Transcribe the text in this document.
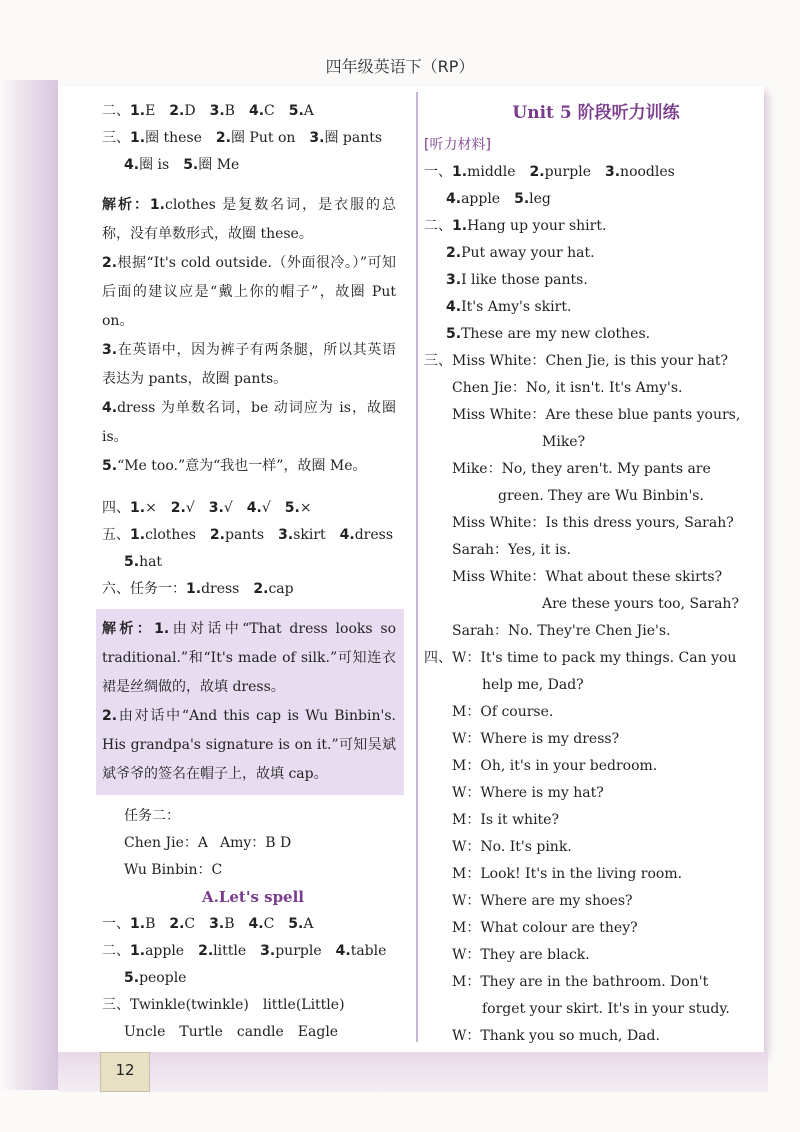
四年级英语下（RP）
12
二、1.E 2.D 3.B 4.C 5.A
三、1.圈 these 2.圈 Put on 3.圈 pants
4.圈 is 5.圈 Me

解析：1.clothes 是复数名词，是衣服的总称，没有单数形式，故圈 these。

2.根据“It's cold outside.（外面很冷。）”可知后面的建议应是“戴上你的帽子”，故圈 Put on。

3.在英语中，因为裤子有两条腿，所以其英语表达为 pants，故圈 pants。

4.dress 为单数名词，be 动词应为 is，故圈 is。

5.“Me too.”意为“我也一样”，故圈 Me。

四、1.× 2.√ 3.√ 4.√ 5.×
五、1.clothes 2.pants 3.skirt 4.dress
5.hat
六、任务一：1.dress 2.cap

解析：1.由对话中“That dress looks so traditional.”和“It's made of silk.”可知连衣裙是丝绸做的，故填 dress。

2.由对话中“And this cap is Wu Binbin's. His grandpa's signature is on it.”可知吴斌斌爷爷的签名在帽子上，故填 cap。

任务二：
Chen Jie：A Amy：B D
Wu Binbin：C
A.Let's spell
一、1.B 2.C 3.B 4.C 5.A
二、1.apple 2.little 3.purple 4.table
5.people
三、Twinkle(twinkle) little(Little)
Uncle Turtle candle Eagle
Unit 5 阶段听力训练
[听力材料]
一、1.middle 2.purple 3.noodles
4.apple 5.leg
二、1.Hang up your shirt.
2.Put away your hat.
3.I like those pants.
4.It's Amy's skirt.
5.These are my new clothes.
三、Miss White：Chen Jie, is this your hat?
Chen Jie：No, it isn't. It's Amy's.
Miss White：Are these blue pants yours,
Mike?
Mike：No, they aren't. My pants are
green. They are Wu Binbin's.
Miss White：Is this dress yours, Sarah?
Sarah：Yes, it is.
Miss White：What about these skirts?
Are these yours too, Sarah?
Sarah：No. They're Chen Jie's.
四、W：It's time to pack my things. Can you
help me, Dad?
M：Of course.
W：Where is my dress?
M：Oh, it's in your bedroom.
W：Where is my hat?
M：Is it white?
W：No. It's pink.
M：Look! It's in the living room.
W：Where are my shoes?
M：What colour are they?
W：They are black.
M：They are in the bathroom. Don't
forget your skirt. It's in your study.
W：Thank you so much, Dad.
